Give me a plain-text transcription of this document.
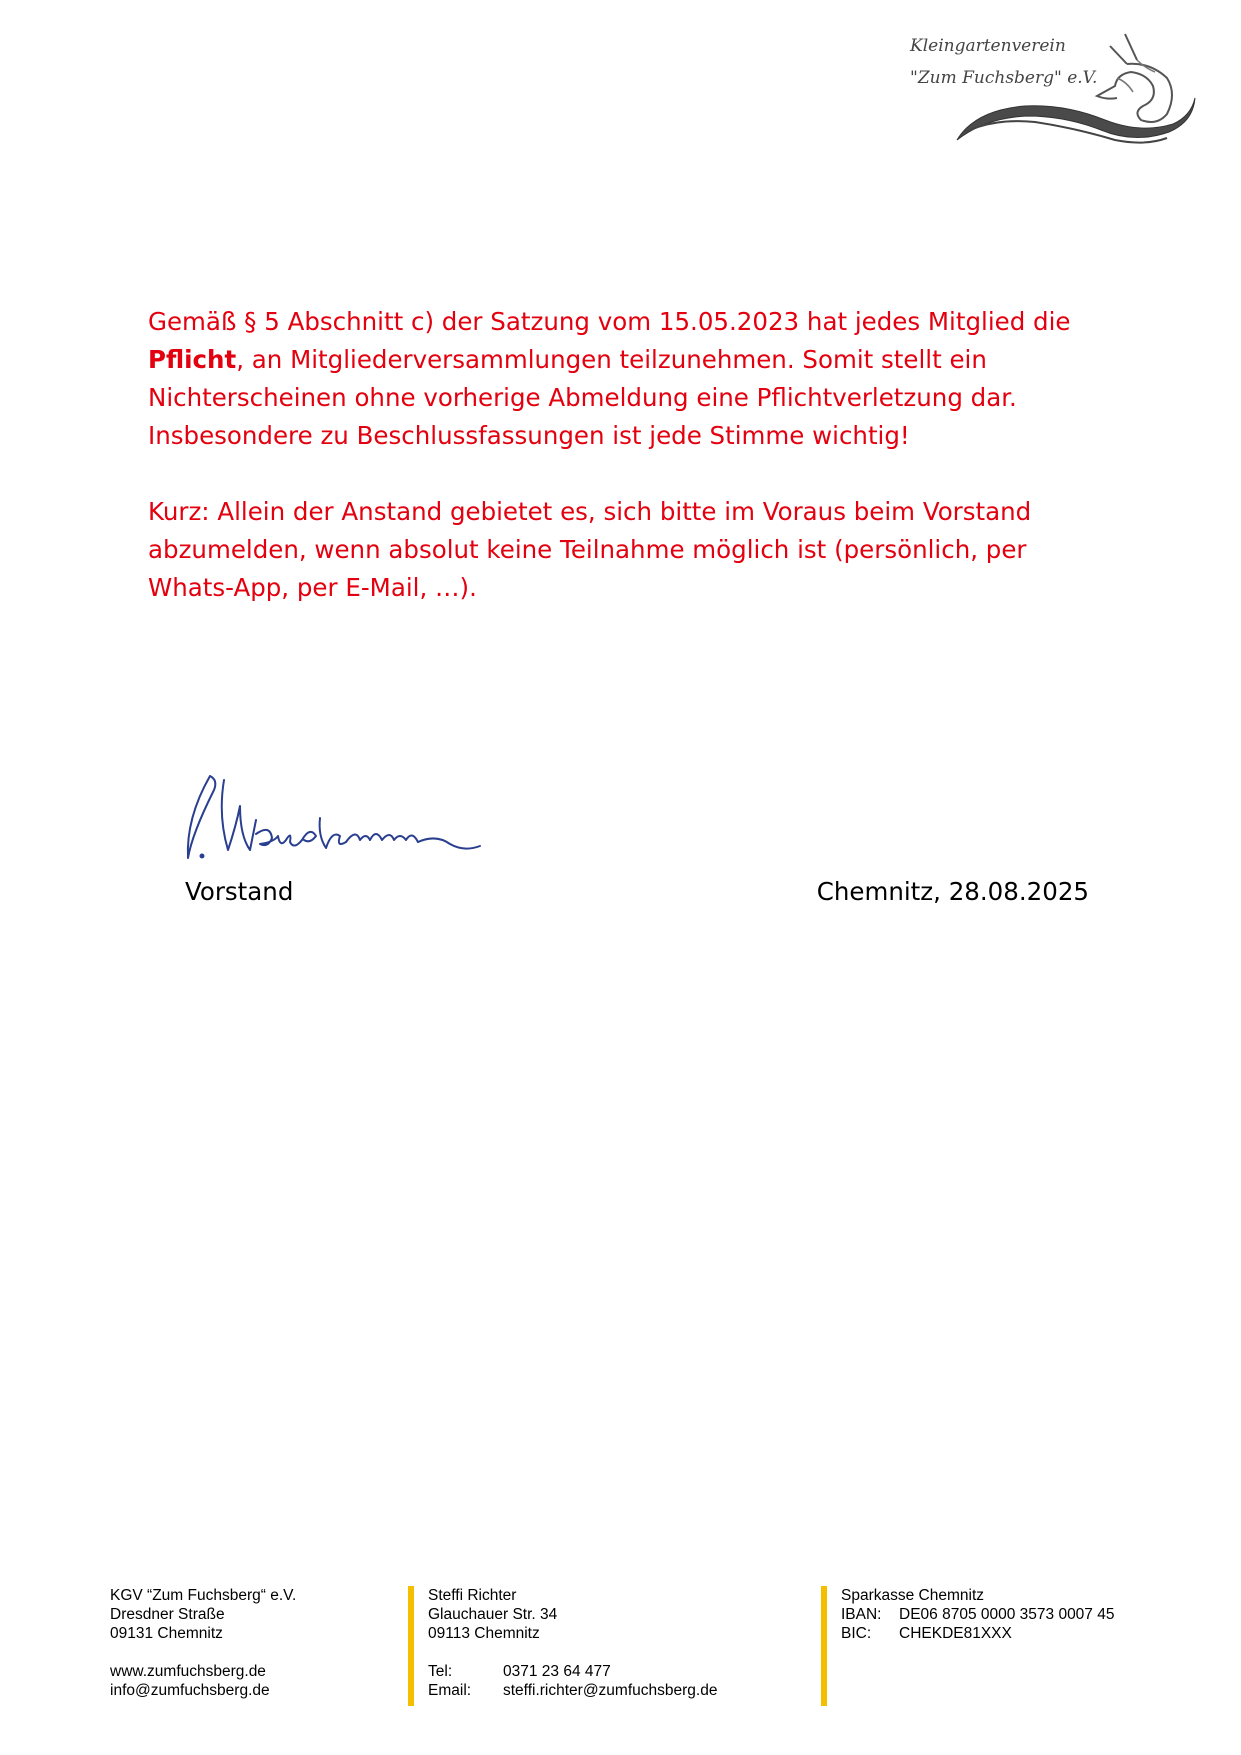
Kleingartenverein
"Zum Fuchsberg" e.V.

Gemäß § 5 Abschnitt c) der Satzung vom 15.05.2023 hat jedes Mitglied die Pflicht, an Mitgliederversammlungen teilzunehmen. Somit stellt ein Nichterscheinen ohne vorherige Abmeldung eine Pflichtverletzung dar. Insbesondere zu Beschlussfassungen ist jede Stimme wichtig!

Kurz: Allein der Anstand gebietet es, sich bitte im Voraus beim Vorstand abzumelden, wenn absolut keine Teilnahme möglich ist (persönlich, per Whats-App, per E-Mail, …).

Vorstand	Chemnitz, 28.08.2025
KGV “Zum Fuchsberg“ e.V.
Dresdner Straße
09131 Chemnitz
www.zumfuchsberg.de
info@zumfuchsberg.de
Steffi Richter
Glauchauer Str. 34
09113 Chemnitz
Tel:	0371 23 64 477
Email:	steffi.richter@zumfuchsberg.de
Sparkasse Chemnitz
IBAN:	DE06 8705 0000 3573 0007 45
BIC:	CHEKDE81XXX
